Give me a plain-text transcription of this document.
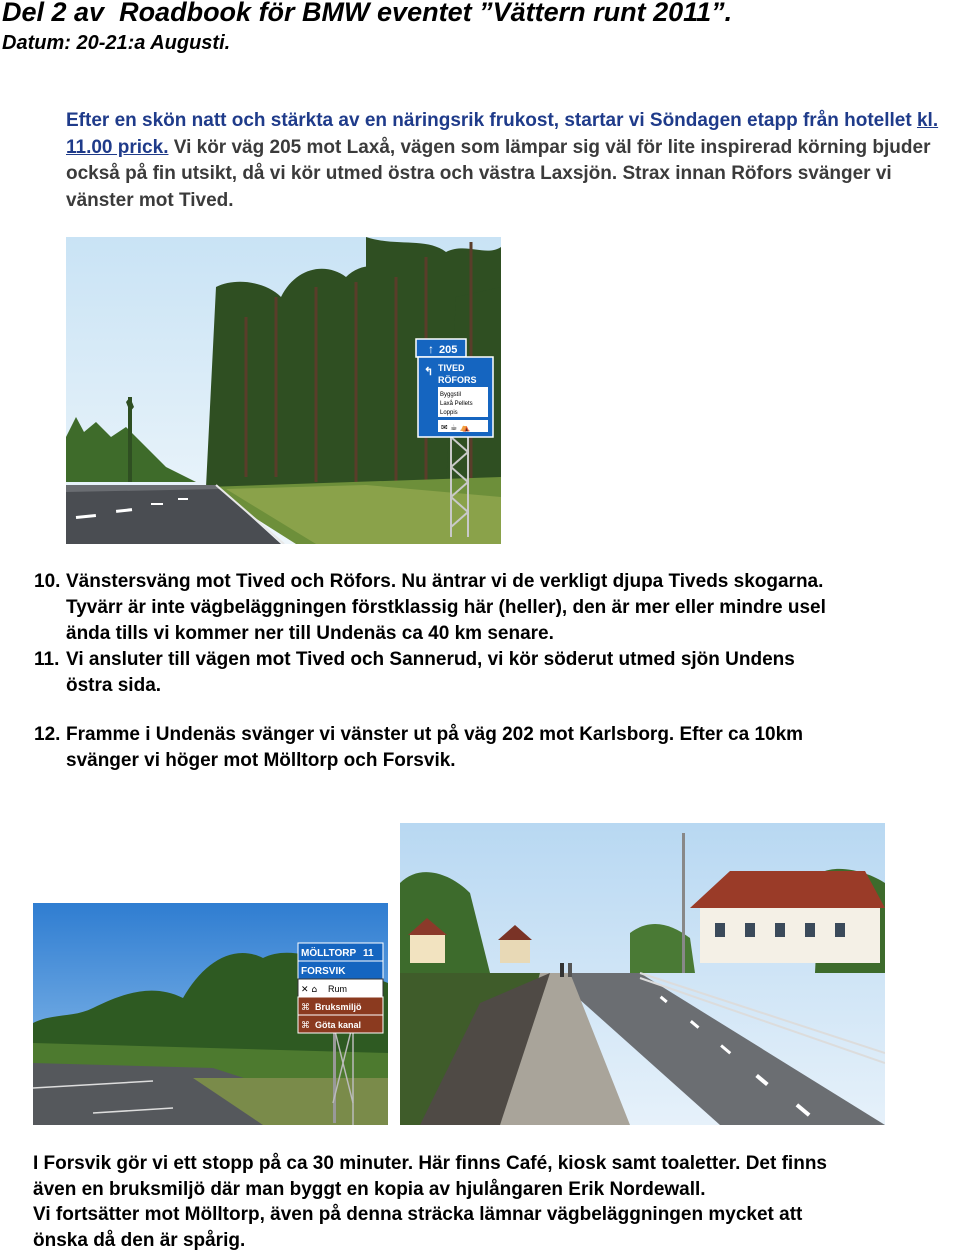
Del 2 av  Roadbook för BMW eventet ”Vättern runt 2011”.
Datum: 20-21:a Augusti.
Efter en skön natt och stärkta av en näringsrik frukost, startar vi Söndagen etapp från hotellet kl. 11.00 prick. Vi kör väg 205 mot Laxå, vägen som lämpar sig väl för lite inspirerad körning bjuder också på fin utsikt, då vi kör utmed östra och västra Laxsjön. Strax innan Röfors svänger vi vänster mot Tived.
↑ 205
↰ TIVED
RÖFORS
Byggstil
Laxå Pellets
Loppis
✉ ☕ ⛺
10. Vänstersväng mot Tived och Röfors. Nu äntrar vi de verkligt djupa Tiveds skogarna.
Tyvärr är inte vägbeläggningen förstklassig här (heller), den är mer eller mindre usel
ända tills vi kommer ner till Undenäs ca 40 km senare.
11. Vi ansluter till vägen mot Tived och Sannerud, vi kör söderut utmed sjön Undens
östra sida.
12. Framme i Undenäs svänger vi vänster ut på väg 202 mot Karlsborg. Efter ca 10km
svänger vi höger mot Mölltorp och Forsvik.
MÖLLTORP 11
FORSVIK
✕ ⌂ Rum
⌘ Bruksmiljö
⌘ Göta kanal
I Forsvik gör vi ett stopp på ca 30 minuter. Här finns Café, kiosk samt toaletter. Det finns
även en bruksmiljö där man byggt en kopia av hjulångaren Erik Nordewall.
Vi fortsätter mot Mölltorp, även på denna sträcka lämnar vägbeläggningen mycket att
önska då den är spårig.
